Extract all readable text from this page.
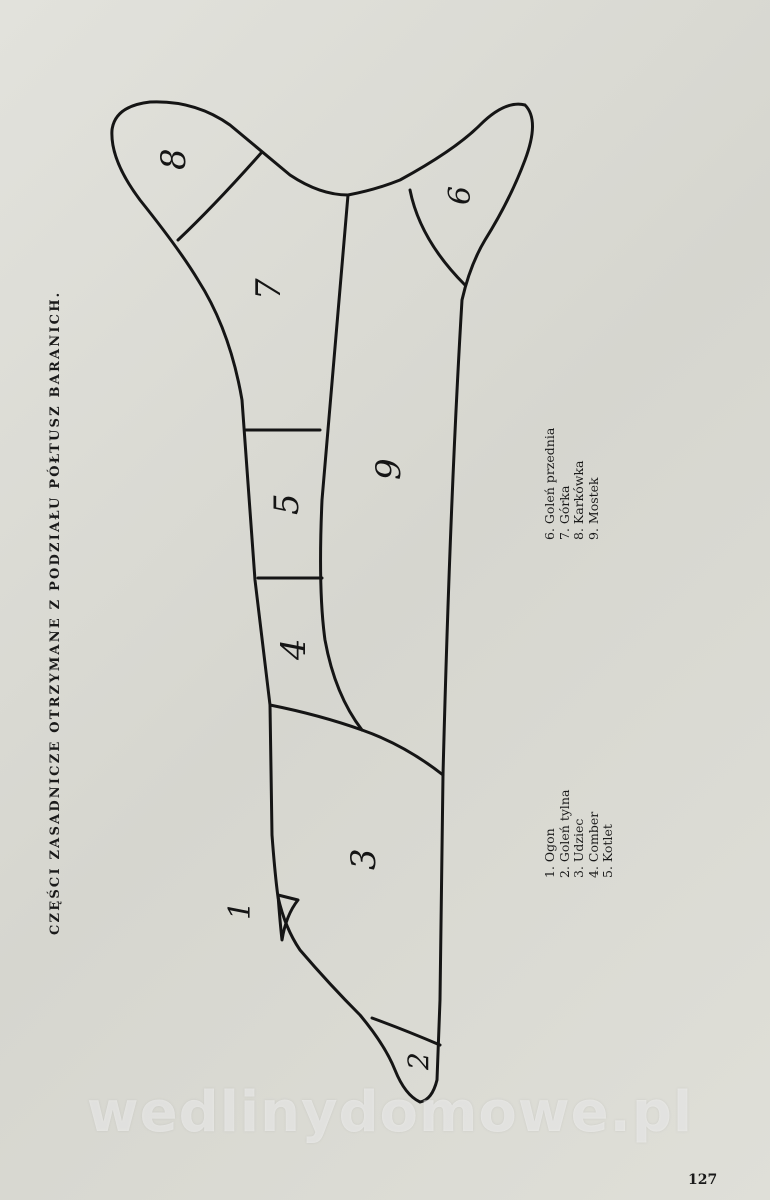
1
2
3
4
5
6
7
8
9
CZĘŚCI ZASADNICZE OTRZYMANE Z PODZIAŁU PÓŁTUSZ BARANICH.	1. Ogon 2. Goleń tylna 3. Udziec 4. Comber 5. Kotlet
6. Goleń przednia 7. Górka 8. Karkówka 9. Mostek
wedlinydomowe.pl
127
